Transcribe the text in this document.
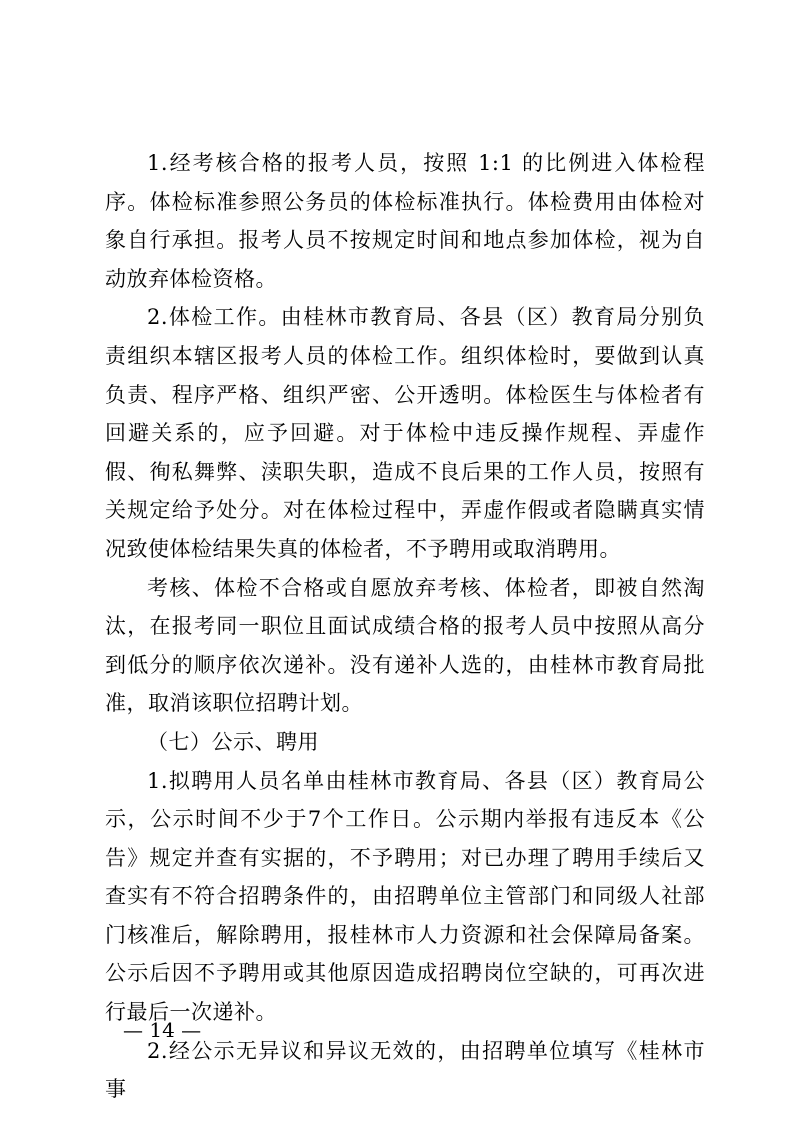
1.经考核合格的报考人员，按照 1:1 的比例进入体检程序。体检标准参照公务员的体检标准执行。体检费用由体检对象自行承担。报考人员不按规定时间和地点参加体检，视为自动放弃体检资格。

2.体检工作。由桂林市教育局、各县（区）教育局分别负责组织本辖区报考人员的体检工作。组织体检时，要做到认真负责、程序严格、组织严密、公开透明。体检医生与体检者有回避关系的，应予回避。对于体检中违反操作规程、弄虚作假、徇私舞弊、渎职失职，造成不良后果的工作人员，按照有关规定给予处分。对在体检过程中，弄虚作假或者隐瞒真实情况致使体检结果失真的体检者，不予聘用或取消聘用。

考核、体检不合格或自愿放弃考核、体检者，即被自然淘汰，在报考同一职位且面试成绩合格的报考人员中按照从高分到低分的顺序依次递补。没有递补人选的，由桂林市教育局批准，取消该职位招聘计划。

（七）公示、聘用

1.拟聘用人员名单由桂林市教育局、各县（区）教育局公示，公示时间不少于7个工作日。公示期内举报有违反本《公告》规定并查有实据的，不予聘用；对已办理了聘用手续后又查实有不符合招聘条件的，由招聘单位主管部门和同级人社部门核准后，解除聘用，报桂林市人力资源和社会保障局备案。公示后因不予聘用或其他原因造成招聘岗位空缺的，可再次进行最后一次递补。

2.经公示无异议和异议无效的，由招聘单位填写《桂林市事

— 14 —
